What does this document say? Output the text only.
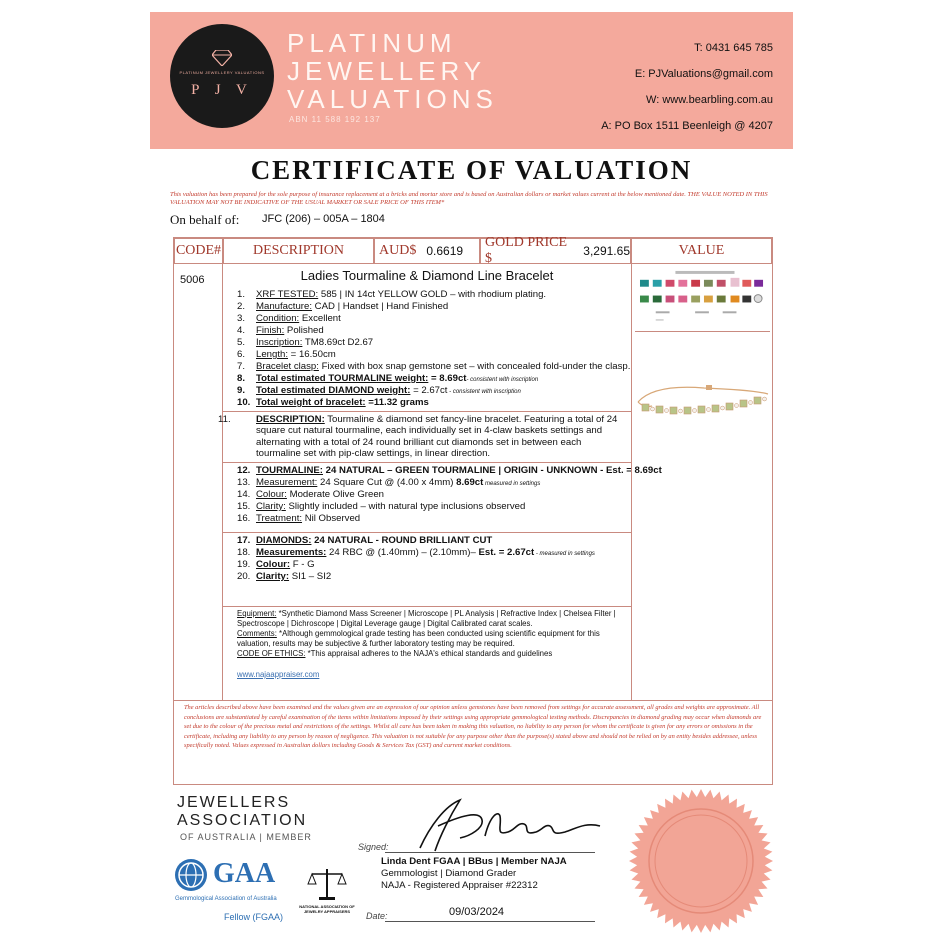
PLATINUM JEWELLERY VALUATIONS
P J V
PLATINUM
JEWELLERY
VALUATIONS
ABN 11 588 192 137
T: 0431 645 785
E: PJValuations@gmail.com
W: www.bearbling.com.au
A: PO Box 1511 Beenleigh @ 4207
CERTIFICATE OF VALUATION
This valuation has been prepared for the sole purpose of insurance replacement at a bricks and mortar store and is based on Australian dollars or market values current at the below mentioned date. THE VALUE NOTED IN THIS VALUATION MAY NOT BE INDICATIVE OF THE USUAL MARKET OR SALE PRICE OF THIS ITEM*
On behalf of: JFC (206) – 005A – 1804
CODE# DESCRIPTION	AUD$ 0.6619
GOLD PRICE $	3,291.65	VALUE
5006	Ladies Tourmaline & Diamond Line Bracelet
1. XRF TESTED: 585 | IN 14ct YELLOW GOLD – with rhodium plating.
2. Manufacture: CAD | Handset | Hand Finished
3. Condition: Excellent
4. Finish: Polished
5. Inscription: TM8.69ct D2.67
6. Length: = 16.50cm
7. Bracelet clasp: Fixed with box snap gemstone set – with concealed fold-under the clasp.
8. Total estimated TOURMALINE weight: = 8.69ct- consistent with inscription
9. Total estimated DIAMOND weight: = 2.67ct - consistent with inscription
10. Total weight of bracelet: =11.32 grams
11.	DESCRIPTION: Tourmaline & diamond set fancy-line bracelet. Featuring a total of 24 square cut natural tourmaline, each individually set in 4-claw baskets settings and alternating with a total of 24 round brilliant cut diamonds set in between each tourmaline set with pip-claw settings, in linear direction.
12. TOURMALINE: 24 NATURAL – GREEN TOURMALINE | ORIGIN - UNKNOWN - Est. = 8.69ct
13. Measurement: 24 Square Cut @ (4.00 x 4mm) 8.69ct measured in settings
14. Colour: Moderate Olive Green
15. Clarity: Slightly included – with natural type inclusions observed
16. Treatment: Nil Observed
17. DIAMONDS: 24 NATURAL - ROUND BRILLIANT CUT
18. Measurements: 24 RBC @ (1.40mm) – (2.10mm)– Est. = 2.67ct - measured in settings
19. Colour: F - G
20. Clarity: SI1 – SI2
Equipment: *Synthetic Diamond Mass Screener | Microscope | PL Analysis | Refractive Index | Chelsea Filter | Spectroscope | Dichroscope | Digital Leverage gauge | Digital Calibrated carat scales.
Comments: *Although gemmological grade testing has been conducted using scientific equipment for this valuation, results may be subjective & further laboratory testing may be required.
CODE OF ETHICS: *This appraisal adheres to the NAJA's ethical standards and guidelines
www.najaappraiser.com
The articles described above have been examined and the values given are an expression of our opinion unless gemstones have been removed from settings for accurate assessment, all grades and weights are approximate. All conclusions are substantiated by careful examination of the items within limitations imposed by their settings using appropriate gemmological testing methods. Discrepancies in diamond grading may occur when diamonds are set due to the colour of the precious metal and restrictions of the settings. Whilst all care has been taken in making this valuation, no liability to any person for whom the certificate is given for any errors or omissions in the certificate, including any liability to any person by reason of negligence. This valuation is not suitable for any purpose other than the purpose(s) stated above and should not be relied on by an entity besides addressee, unless specifically noted. Values expressed in Australian dollars including Goods & Services Tax (GST) and current market conditions.
JEWELLERS
ASSOCIATION
OF AUSTRALIA | MEMBER
GAA
Gemmological Association of Australia
Fellow (FGAA)
NATIONAL ASSOCIATION OF JEWELRY APPRAISERS
Signed:
Linda Dent FGAA | BBus | Member NAJA
Gemmologist | Diamond Grader
NAJA - Registered Appraiser #22312
Date:	09/03/2024
